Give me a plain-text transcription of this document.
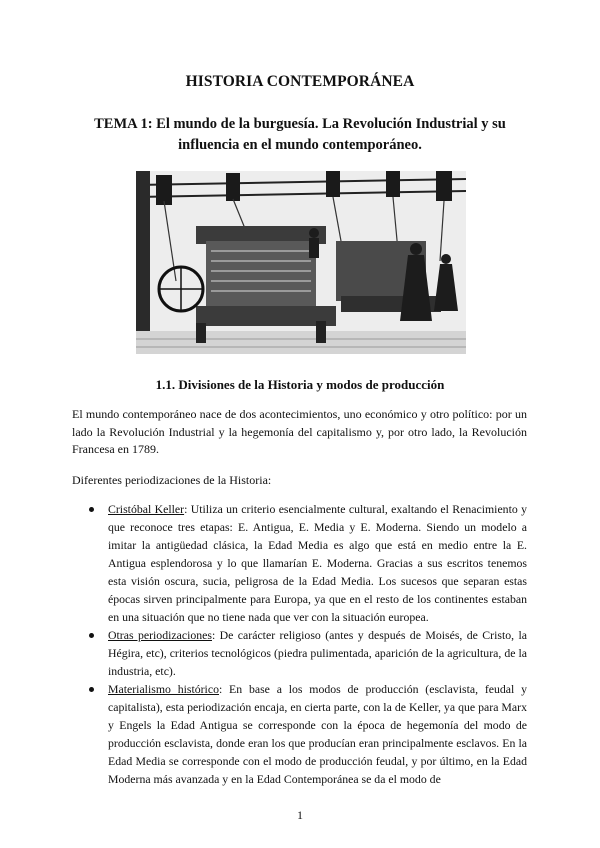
HISTORIA CONTEMPORÁNEA
TEMA 1: El mundo de la burguesía. La Revolución Industrial y su influencia en el mundo contemporáneo.
1.1. Divisiones de la Historia y modos de producción
El mundo contemporáneo nace de dos acontecimientos, uno económico y otro político: por un lado la Revolución Industrial y la hegemonía del capitalismo y, por otro lado, la Revolución Francesa en 1789.
Diferentes periodizaciones de la Historia:
Cristóbal Keller: Utiliza un criterio esencialmente cultural, exaltando el Renacimiento y que reconoce tres etapas: E. Antigua, E. Media y E. Moderna. Siendo un modelo a imitar la antigüedad clásica, la Edad Media es algo que está en medio entre la E. Antigua esplendorosa y lo que llamarían E. Moderna. Gracias a sus escritos tenemos esta visión oscura, sucia, peligrosa de la Edad Media. Los sucesos que separan estas épocas sirven principalmente para Europa, ya que en el resto de los continentes estaban en una situación que no tiene nada que ver con la situación europea.
Otras periodizaciones: De carácter religioso (antes y después de Moisés, de Cristo, la Hégira, etc), criterios tecnológicos (piedra pulimentada, aparición de la agricultura, de la industria, etc).
Materialismo histórico: En base a los modos de producción (esclavista, feudal y capitalista), esta periodización encaja, en cierta parte, con la de Keller, ya que para Marx y Engels la Edad Antigua se corresponde con la época de hegemonía del modo de producción esclavista, donde eran los que producían eran principalmente esclavos. En la Edad Media se corresponde con el modo de producción feudal, y por último, en la Edad Moderna más avanzada y en la Edad Contemporánea se da el modo de
1
